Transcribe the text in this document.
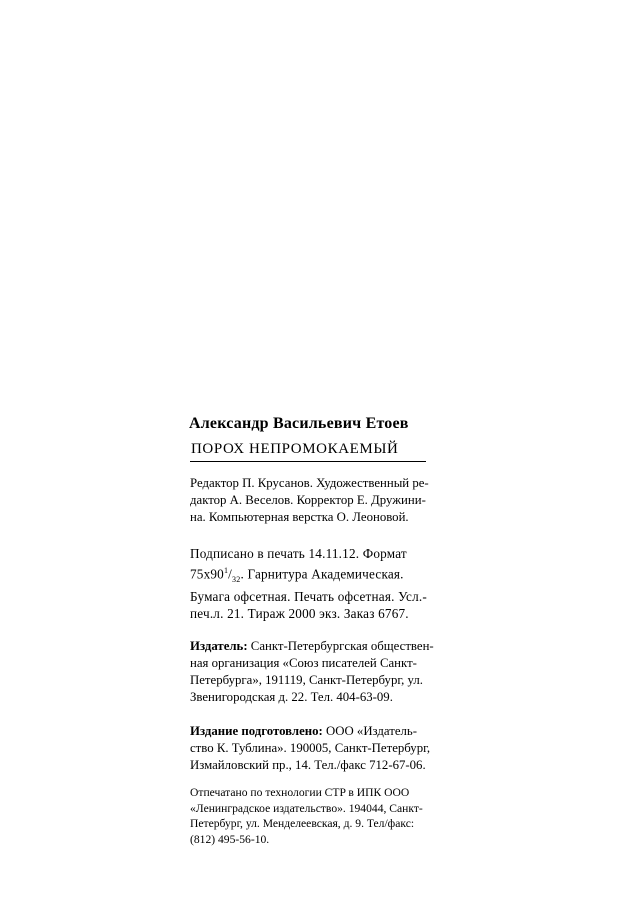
Александр Васильевич Етоев
ПОРОХ НЕПРОМОКАЕМЫЙ

Редактор П. Крусанов. Художественный ре-

дактор А. Веселов. Корректор Е. Дружини-

на. Компьютерная верстка О. Леоновой.

Подписано в печать 14.11.12. Формат

$75x90^1/_{32}$. Гарнитура Академическая.

Бумага офсетная. Печать офсетная. Усл.-

печ.л. 21. Тираж 2000 экз. Заказ 6767.

Издатель: Санкт-Петербургская обществен-

ная организация «Союз писателей Санкт-

Петербурга», 191119, Санкт-Петербург, ул.

Звенигородская д. 22. Тел. 404-63-09.

Издание подготовлено: ООО «Издатель-

ство К. Тублина». 190005, Санкт-Петербург,

Измайловский пр., 14. Тел./факс 712-67-06.

Отпечатано по технологии CTP в ИПК ООО

«Ленинградское издательство». 194044, Санкт-

Петербург, ул. Менделеевская, д. 9. Тел/факс:

(812) 495-56-10.
